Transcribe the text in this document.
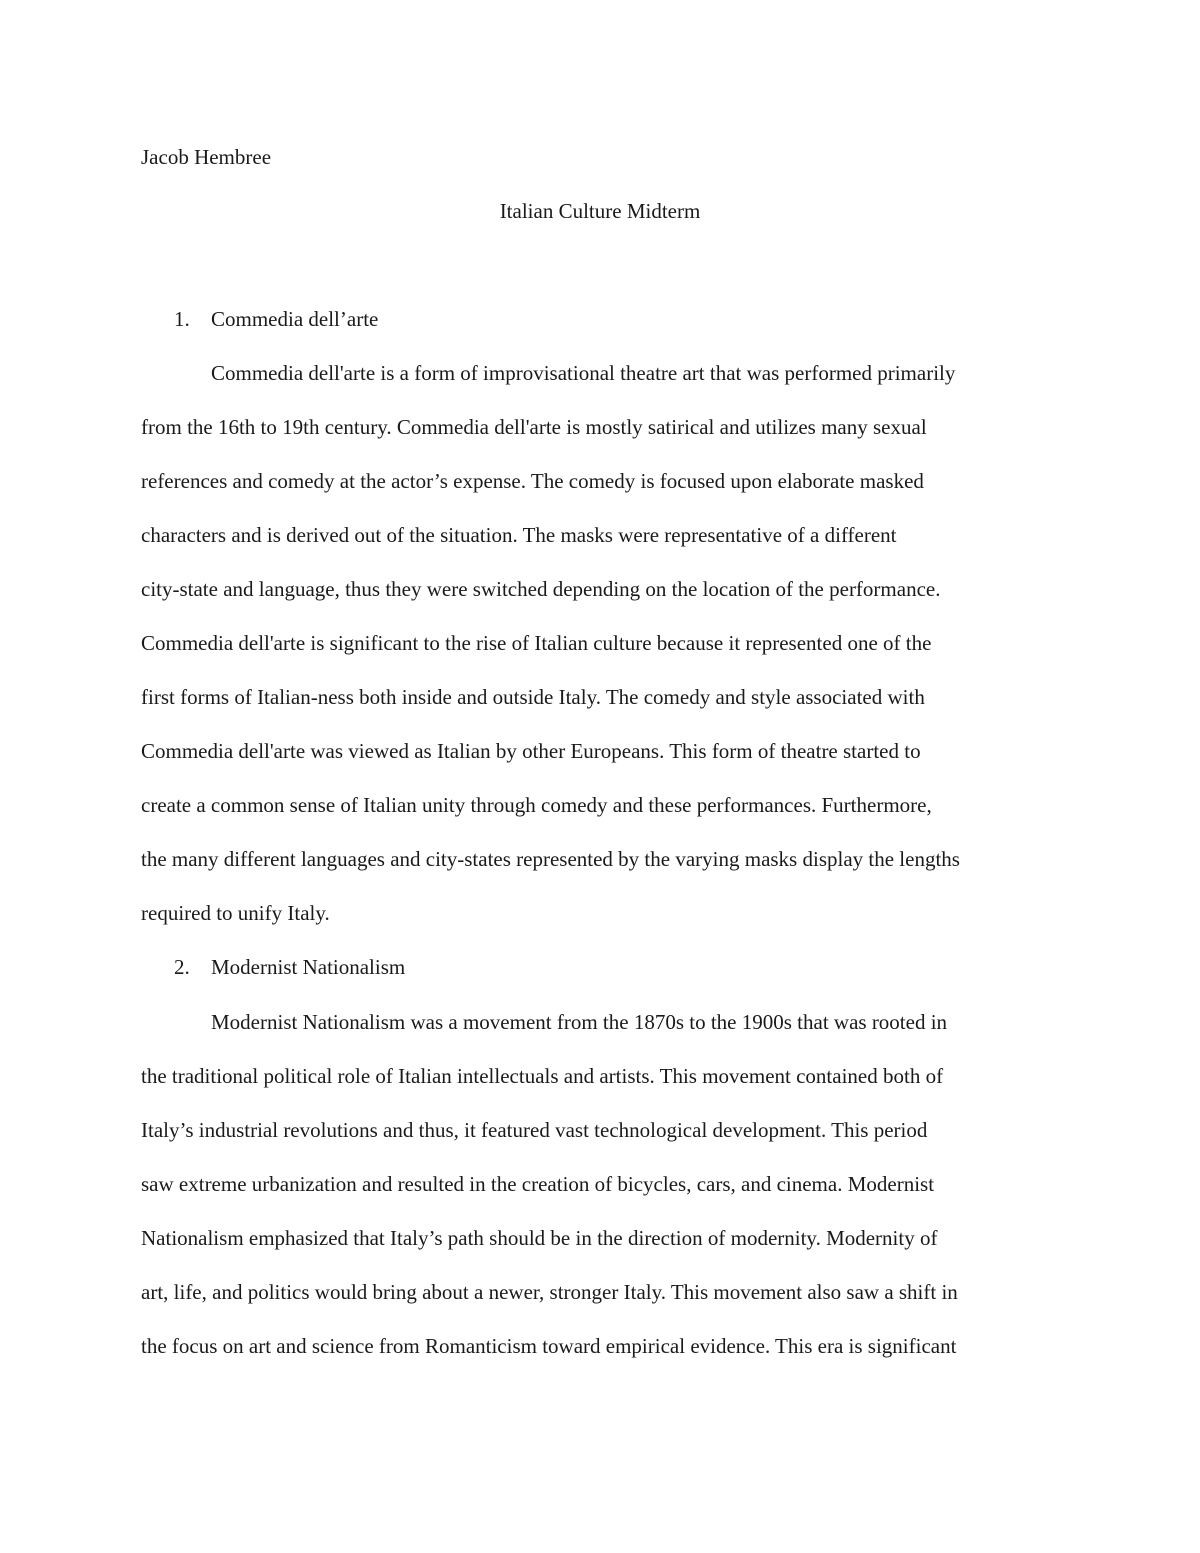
Jacob Hembree
Italian Culture Midterm
1. Commedia dell’arte
Commedia dell'arte is a form of improvisational theatre art that was performed primarily
from the 16th to 19th century. Commedia dell'arte is mostly satirical and utilizes many sexual
references and comedy at the actor’s expense. The comedy is focused upon elaborate masked
characters and is derived out of the situation. The masks were representative of a different
city-state and language, thus they were switched depending on the location of the performance.
Commedia dell'arte is significant to the rise of Italian culture because it represented one of the
first forms of Italian-ness both inside and outside Italy. The comedy and style associated with
Commedia dell'arte was viewed as Italian by other Europeans. This form of theatre started to
create a common sense of Italian unity through comedy and these performances. Furthermore,
the many different languages and city-states represented by the varying masks display the lengths
required to unify Italy.
2. Modernist Nationalism
Modernist Nationalism was a movement from the 1870s to the 1900s that was rooted in
the traditional political role of Italian intellectuals and artists. This movement contained both of
Italy’s industrial revolutions and thus, it featured vast technological development. This period
saw extreme urbanization and resulted in the creation of bicycles, cars, and cinema. Modernist
Nationalism emphasized that Italy’s path should be in the direction of modernity. Modernity of
art, life, and politics would bring about a newer, stronger Italy. This movement also saw a shift in
the focus on art and science from Romanticism toward empirical evidence. This era is significant
